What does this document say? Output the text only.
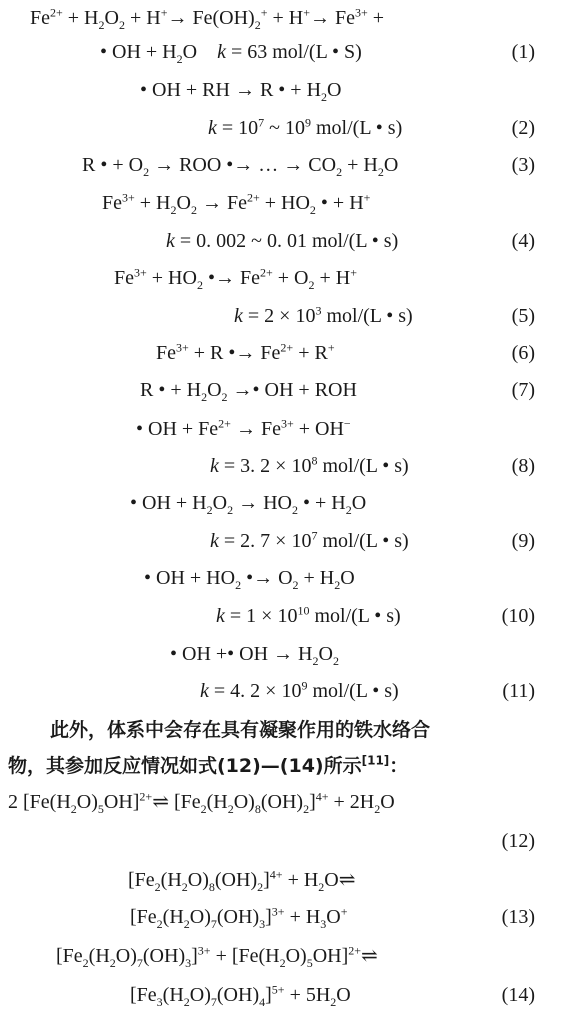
$Fe^{2+} + H_2O_2 + H^+\to Fe(OH)_2^+ + H^+\to Fe^{3+}$ +
• OH + $H_2O$    k = 63 mol/(L • S)	(1)
• OH + RH → R • + $H_2O$
$k = 10^7$ ~ $10^9$ mol/(L • s)	(2)
R • + $O_2$ → ROO •→ … → $CO_2 + H_2O$	(3)
$Fe^{3+} + H_2O_2 \to Fe^{2+} + HO_2$ • + H+
k = 0. 002 ~ 0. 01 mol/(L • s)	(4)
$Fe^{3+} + HO_2$ •→ $Fe^{2+} + O_2 + H^+$
$k = 2 \times 10^3$ mol/(L • s)	(5)
$Fe^{3+} + R$ •→ $Fe^{2+} + R^+$	(6)
R • + $H_2O_2$ →• OH + ROH	(7)
• OH + $Fe^{2+} \to Fe^{3+} + OH^-$
k = 3. $2 \times 10^8$ mol/(L • s)	(8)
• OH + $H_2O_2 \to HO_2$ • + $H_2O$
k = 2. $7 \times 10^7$ mol/(L • s)	(9)
• OH + $HO_2$ •→ $O_2 + H_2O$
$k = 1 \times 10^{10}$ mol/(L • s)	(10)
• OH +• OH → $H_2O_2$
k = 4. $2 \times 10^9$ mol/(L • s)	(11)
此外，体系中会存在具有凝聚作用的铁水络合
物，其参加反应情况如式(12)—(14)所示[11]：
2 $[Fe(H_2O)_5OH]^{2+}\rightleftharpoons$ $[Fe_2(H_2O)_8(OH)_2]^{4+} + 2H_2O$
(12)
$[Fe_2(H_2O)_8(OH)_2]^{4+}$ + $H_2O\rightleftharpoons$
$[Fe_2(H_2O)_7(OH)_3]^{3+} + H_3O^+$	(13)
$[Fe_2(H_2O)_7(OH)_3]^{3+}$ + $[Fe(H_2O)_5OH]^{2+}\rightleftharpoons$
$[Fe_3(H_2O)_7(OH)_4]^{5+} + 5H_2O$	(14)
